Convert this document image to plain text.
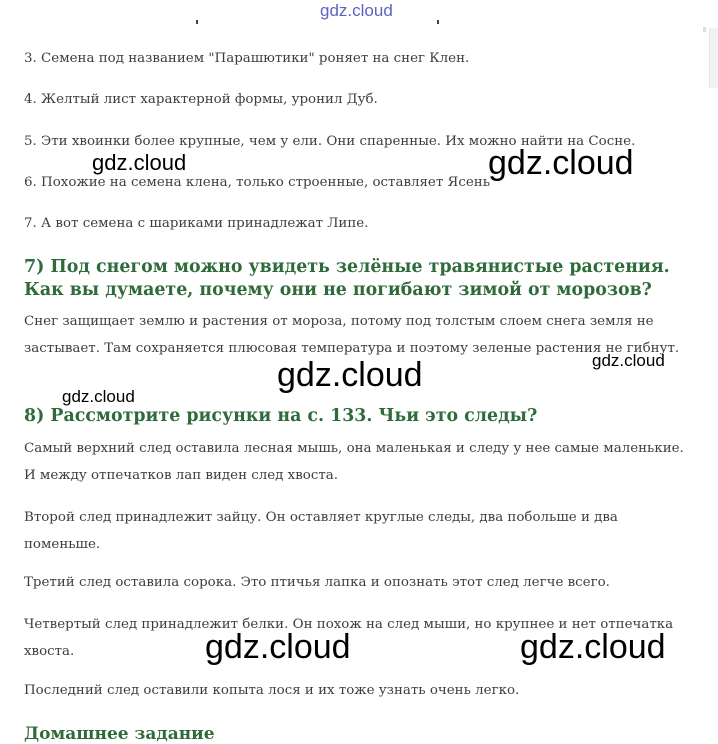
gdz.cloud

3. Семена под названием "Парашютики" роняет на снег Клен.

4. Желтый лист характерной формы, уронил Дуб.

5. Эти хвоинки более крупные, чем у ели. Они спаренные. Их можно найти на Сосне.

6. Похожие на семена клена, только строенные, оставляет Ясень

7. А вот семена с шариками принадлежат Липе.

7) Под снегом можно увидеть зелёные травянистые растения. Как вы думаете, почему они не погибают зимой от морозов?

Снег защищает землю и растения от мороза, потому под толстым слоем снега земля не застывает. Там сохраняется плюсовая температура и поэтому зеленые растения не гибнут.

8) Рассмотрите рисунки на с. 133. Чьи это следы?

Самый верхний след оставила лесная мышь, она маленькая и следу у нее самые маленькие. И между отпечатков лап виден след хвоста.

Второй след принадлежит зайцу. Он оставляет круглые следы, два побольше и два поменьше.

Третий след оставила сорока. Это птичья лапка и опознать этот след легче всего.

Четвертый след принадлежит белки. Он похож на след мыши, но крупнее и нет отпечатка хвоста.

Последний след оставили копыта лося и их тоже узнать очень легко.

Домашнее задание
gdz.cloud	gdz.cloud
gdz.cloud
gdz.cloud
gdz.cloud
gdz.cloud	gdz.cloud
